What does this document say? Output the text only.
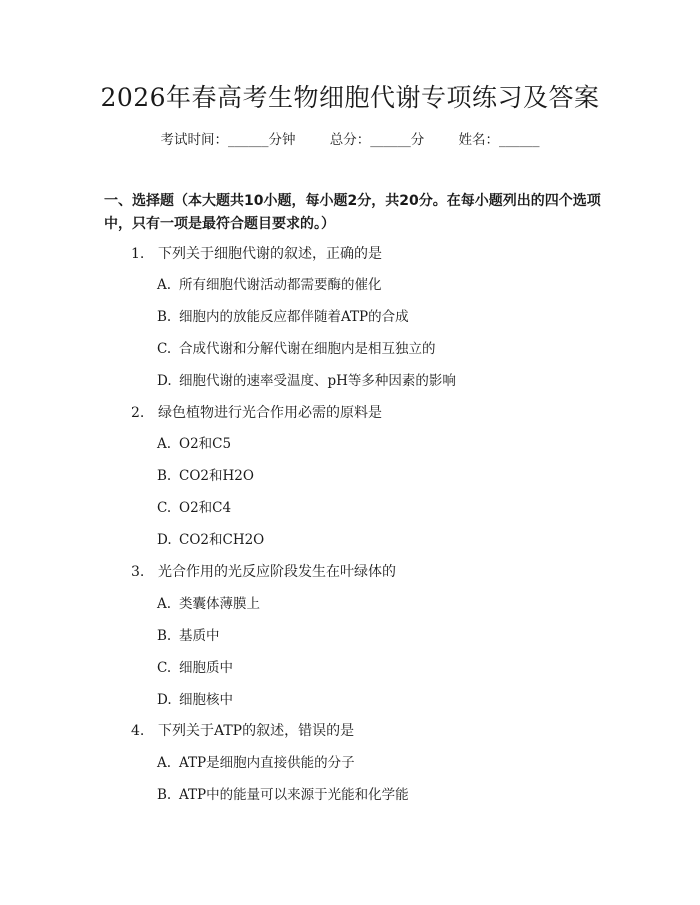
2026年春高考生物细胞代谢专项练习及答案
考试时间：______分钟	总分：______分	姓名：______
一、选择题（本大题共10小题，每小题2分，共20分。在每小题列出的四个选项中，只有一项是最符合题目要求的。）
1. 下列关于细胞代谢的叙述，正确的是
A. 所有细胞代谢活动都需要酶的催化
B. 细胞内的放能反应都伴随着ATP的合成
C. 合成代谢和分解代谢在细胞内是相互独立的
D. 细胞代谢的速率受温度、pH等多种因素的影响
2. 绿色植物进行光合作用必需的原料是
A. O2和C5
B. CO2和H2O
C. O2和C4
D. CO2和CH2O
3. 光合作用的光反应阶段发生在叶绿体的
A. 类囊体薄膜上
B. 基质中
C. 细胞质中
D. 细胞核中
4. 下列关于ATP的叙述，错误的是
A. ATP是细胞内直接供能的分子
B. ATP中的能量可以来源于光能和化学能
